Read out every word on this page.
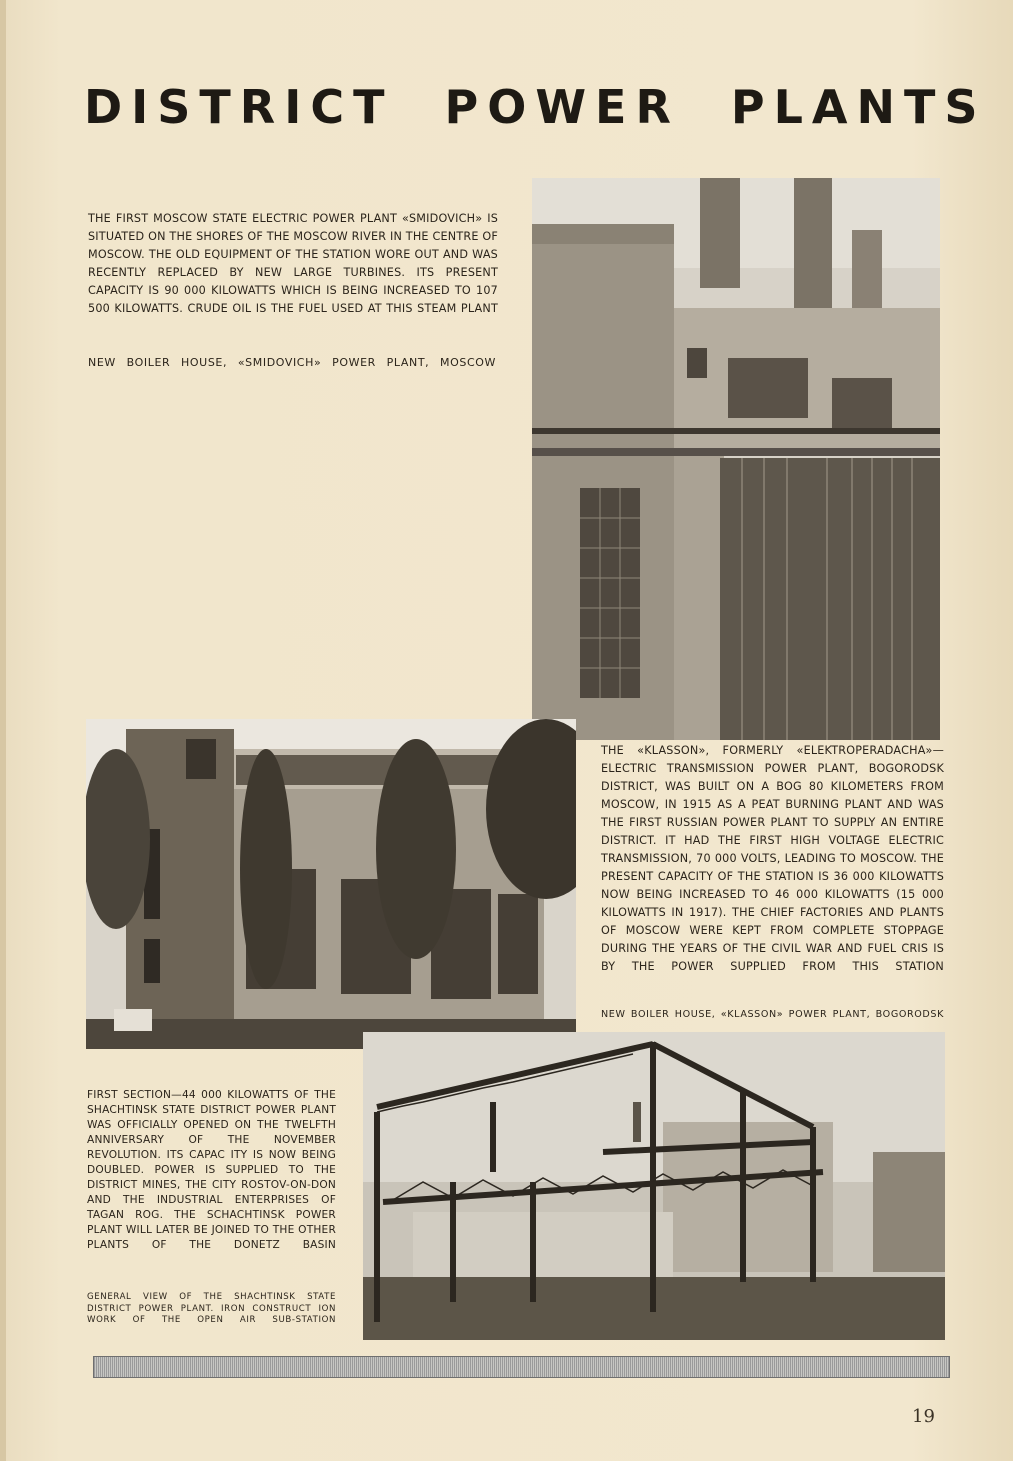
DISTRICT POWER PLANTS
THE FIRST MOSCOW STATE ELECTRIC POWER PLANT «SMIDOVICH» IS SITUATED ON THE SHORES OF THE MOSCOW RIVER IN THE CENTRE OF MOSCOW. THE OLD EQUIPMENT OF THE STATION WORE OUT AND WAS RECENTLY REPLACED BY NEW LARGE TURBINES. ITS PRESENT CAPACITY IS 90 000 KILOWATTS WHICH IS BEING INCREASED TO 107 500 KILOWATTS. CRUDE OIL IS THE FUEL USED AT THIS STEAM PLANT
NEW BOILER HOUSE, «SMIDOVICH» POWER PLANT, MOSCOW
THE «KLASSON», FORMERLY «ELEKTROPERADACHA»— ELECTRIC TRANSMISSION POWER PLANT, BOGORODSK DISTRICT, WAS BUILT ON A BOG 80 KILOMETERS FROM MOSCOW, IN 1915 AS A PEAT BURNING PLANT AND WAS THE FIRST RUSSIAN POWER PLANT TO SUPPLY AN ENTIRE DISTRICT. IT HAD THE FIRST HIGH VOLTAGE ELECTRIC TRANSMISSION, 70 000 VOLTS, LEADING TO MOSCOW. THE PRESENT CAPACITY OF THE STATION IS 36 000 KILOWATTS NOW BEING INCREASED TO 46 000 KILOWATTS (15 000 KILOWATTS IN 1917). THE CHIEF FACTORIES AND PLANTS OF MOSCOW WERE KEPT FROM COMPLETE STOPPAGE DURING THE YEARS OF THE CIVIL WAR AND FUEL CRIS IS BY THE POWER SUPPLIED FROM THIS STATION
NEW BOILER HOUSE, «KLASSON» POWER PLANT, BOGORODSK
FIRST SECTION—44 000 KILOWATTS OF THE SHACHTINSK STATE DISTRICT POWER PLANT WAS OFFICIALLY OPENED ON THE TWELFTH ANNIVERSARY OF THE NOVEMBER REVOLUTION. ITS CAPAC ITY IS NOW BEING DOUBLED. POWER IS SUPPLIED TO THE DISTRICT MINES, THE CITY ROSTOV-ON-DON AND THE INDUSTRIAL ENTERPRISES OF TAGAN ROG. THE SCHACHTINSK POWER PLANT WILL LATER BE JOINED TO THE OTHER PLANTS OF THE DONETZ BASIN
GENERAL VIEW OF THE SHACHTINSK STATE DISTRICT POWER PLANT. IRON CONSTRUCT ION WORK OF THE OPEN AIR SUB-STATION
19
